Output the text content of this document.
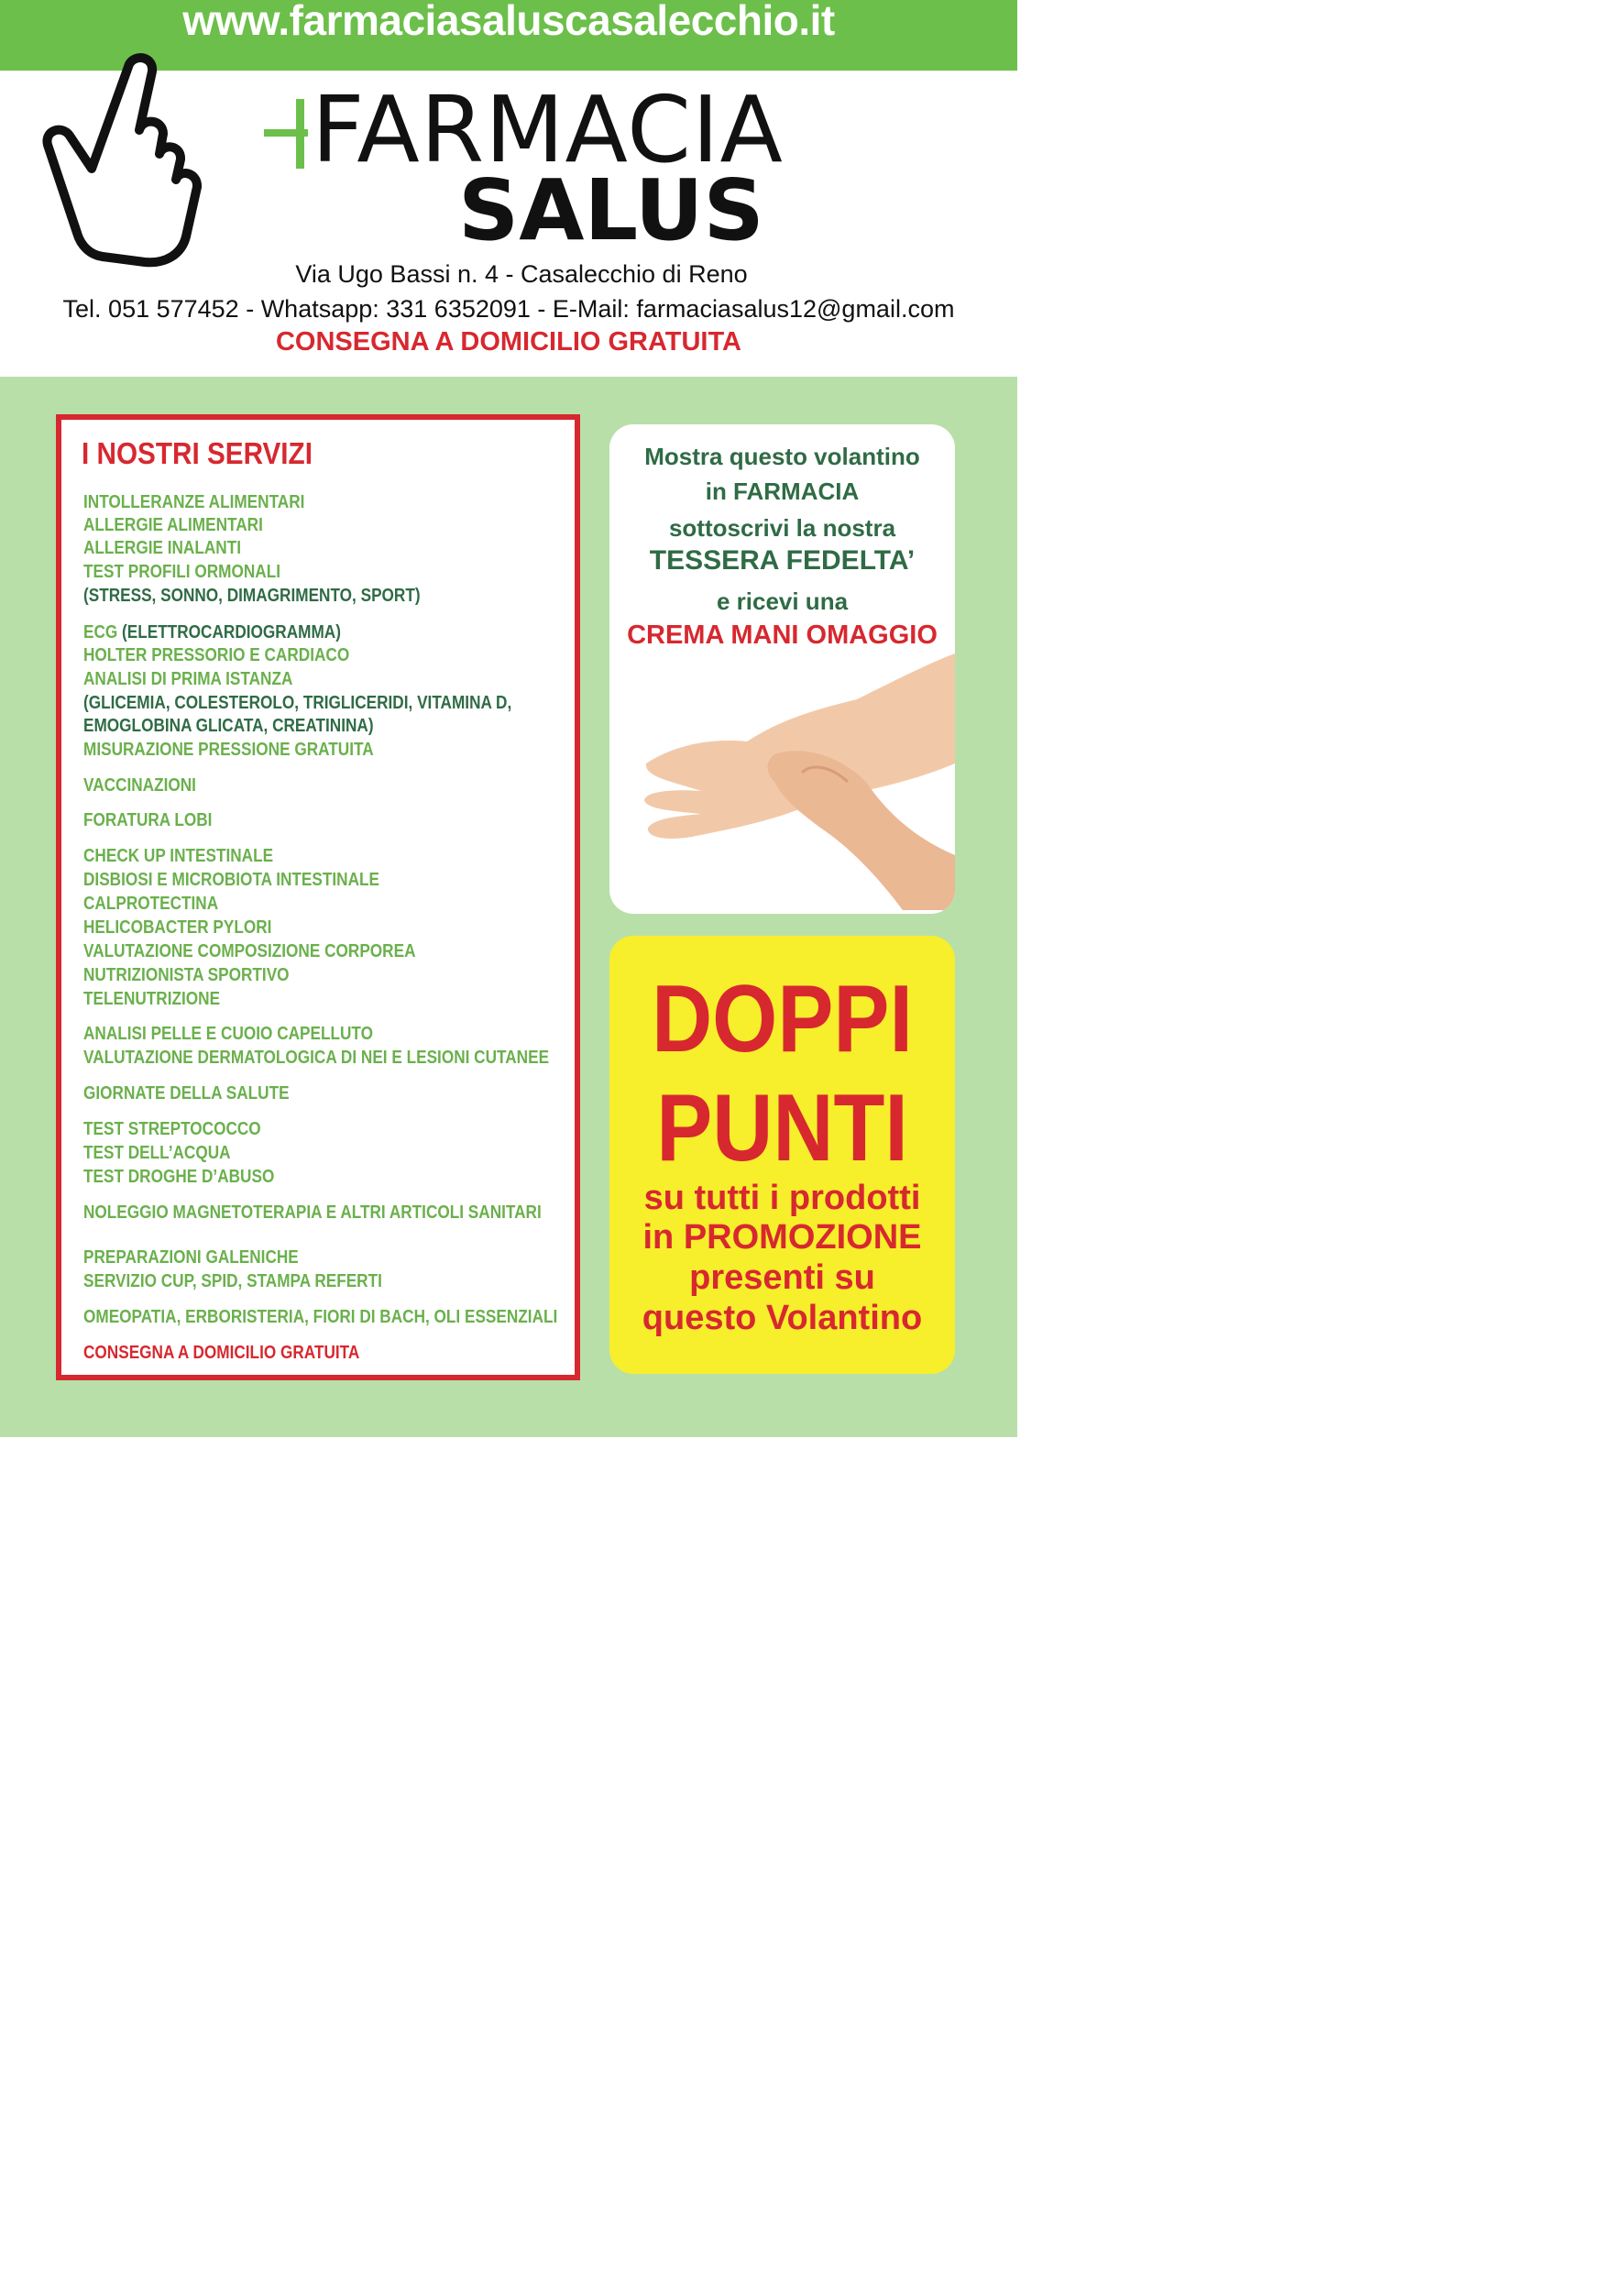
www.farmaciasaluscasalecchio.it
FARMACIA
SALUS
Via Ugo Bassi n. 4 - Casalecchio di Reno
Tel. 051 577452 - Whatsapp: 331 6352091 - E-Mail: farmaciasalus12@gmail.com
CONSEGNA A DOMICILIO GRATUITA
I NOSTRI SERVIZI
INTOLLERANZE ALIMENTARI
ALLERGIE ALIMENTARI
ALLERGIE INALANTI
TEST PROFILI ORMONALI
(STRESS, SONNO, DIMAGRIMENTO, SPORT)
ECG (ELETTROCARDIOGRAMMA)
HOLTER PRESSORIO E CARDIACO
ANALISI DI PRIMA ISTANZA
(GLICEMIA, COLESTEROLO, TRIGLICERIDI, VITAMINA D,
EMOGLOBINA GLICATA, CREATININA)
MISURAZIONE PRESSIONE GRATUITA
VACCINAZIONI
FORATURA LOBI
CHECK UP INTESTINALE
DISBIOSI E MICROBIOTA INTESTINALE
CALPROTECTINA
HELICOBACTER PYLORI
VALUTAZIONE COMPOSIZIONE CORPOREA
NUTRIZIONISTA SPORTIVO
TELENUTRIZIONE
ANALISI PELLE E CUOIO CAPELLUTO
VALUTAZIONE DERMATOLOGICA DI NEI E LESIONI CUTANEE
GIORNATE DELLA SALUTE
TEST STREPTOCOCCO
TEST DELL’ACQUA
TEST DROGHE D’ABUSO
NOLEGGIO MAGNETOTERAPIA E ALTRI ARTICOLI SANITARI
PREPARAZIONI GALENICHE
SERVIZIO CUP, SPID, STAMPA REFERTI
OMEOPATIA, ERBORISTERIA, FIORI DI BACH, OLI ESSENZIALI
CONSEGNA A DOMICILIO GRATUITA
Mostra questo volantino
in FARMACIA
sottoscrivi la nostra
TESSERA FEDELTA’
e ricevi una
CREMA MANI OMAGGIO
DOPPI
PUNTI
su tutti i prodotti
in PROMOZIONE
presenti su
questo Volantino
